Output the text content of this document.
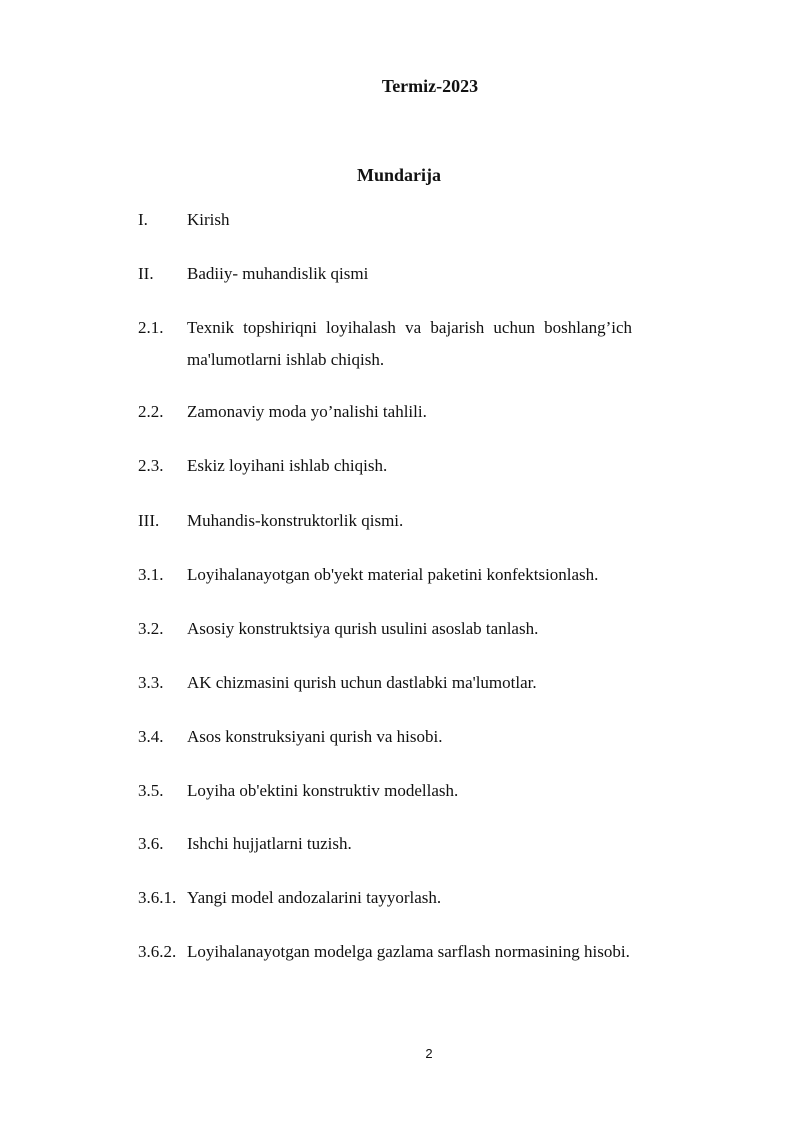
Termiz-2023
Mundarija
I.	Kirish
II.	Badiiy- muhandislik qismi
2.1.	Texnik topshiriqni loyihalash va bajarish uchun boshlang’ich ma'lumotlarni ishlab chiqish.
2.2.	Zamonaviy moda yo’nalishi tahlili.
2.3.	Eskiz loyihani ishlab chiqish.
III.	Muhandis-konstruktorlik qismi.
3.1.	Loyihalanayotgan ob'yekt material paketini konfektsionlash.
3.2.	Asosiy konstruktsiya qurish usulini asoslab tanlash.
3.3.	AK chizmasini qurish uchun dastlabki ma'lumotlar.
3.4.	Asos konstruksiyani qurish va hisobi.
3.5.	Loyiha ob'ektini konstruktiv modellash.
3.6.	Ishchi hujjatlarni tuzish.
3.6.1. Yangi model andozalarini tayyorlash.
3.6.2. Loyihalanayotgan modelga gazlama sarflash normasining hisobi.
2
